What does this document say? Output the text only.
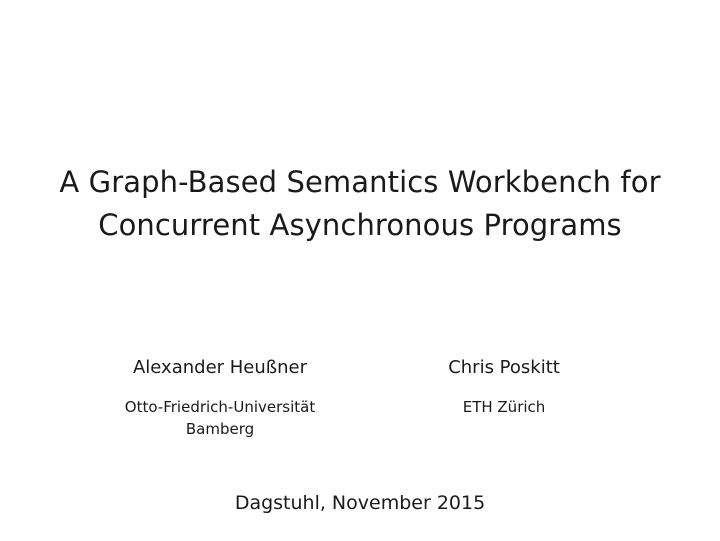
A Graph-Based Semantics Workbench for
Concurrent Asynchronous Programs
Alexander Heußner
Otto-Friedrich-Universität
Bamberg
Chris Poskitt
ETH Zürich
Dagstuhl, November 2015
